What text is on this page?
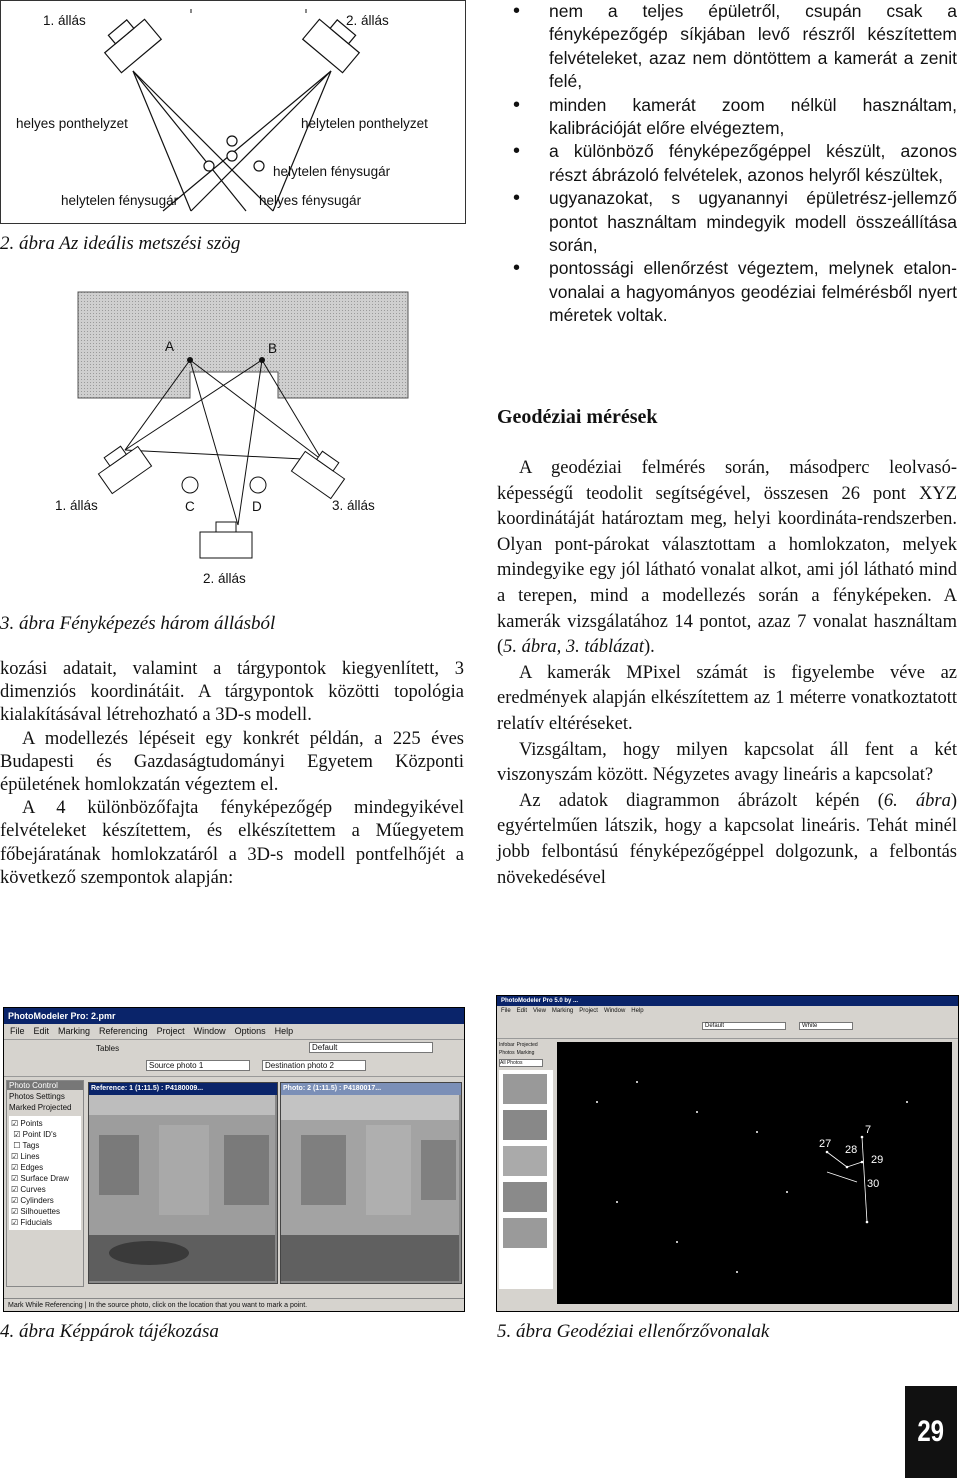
1. állás	2. állás
helyes ponthelyzet	helytelen ponthelyzet
helytelen fénysugár
helytelen fénysugár	helyes fénysugár
2. ábra Az ideális metszési szög
A	B
C	D
1. állás	3. állás
2. állás
3. ábra Fényképezés három állásból

kozási adatait, valamint a tárgypontok kiegyenlített, 3 dimenziós koordinátáit. A tárgypontok közötti topológia kialakításával létrehozható a 3D-s modell.

A modellezés lépéseit egy konkrét példán, a 225 éves Budapesti és Gazdaságtudományi Egyetem Központi épületének homlokzatán végeztem el.

A 4 különbözőfajta fényképezőgép mindegyikével felvételeket készítettem, és elkészítettem a Műegyetem főbejáratának homlokzatáról a 3D-s modell pontfelhőjét a következő szempontok alapján:

• nem a teljes épületről, csupán csak a fényképezőgép síkjában levő részről készítettem felvételeket, azaz nem döntöttem a kamerát a zenit felé,
• minden kamerát zoom nélkül használtam, kalibrációját előre elvégeztem,
• a különböző fényképezőgéppel készült, azonos részt ábrázoló felvételek, azonos helyről készültek,
• ugyanazokat, s ugyanannyi épületrész-jellemző pontot használtam mindegyik modell összeállítása során,
• pontossági ellenőrzést végeztem, melynek etalon-vonalai a hagyományos geodéziai felmérésből nyert méretek voltak.
Geodéziai mérések

A geodéziai felmérés során, másodperc leolvasó-képességű teodolit segítségével, összesen 26 pont XYZ koordinátáját határoztam meg, helyi koordináta-rendszerben. Olyan pont-párokat választottam a homlokzaton, melyek mindegyike egy jól látható vonalat alkot, ami jól látható mind a terepen, mind a modellezés során a fényképeken. A kamerák vizsgálatához 14 pontot, azaz 7 vonalat használtam (5. ábra, 3. táblázat).

A kamerák MPixel számát is figyelembe véve az eredmények alapján elkészítettem az 1 méterre vonatkoztatott relatív eltéréseket.

Vizsgáltam, hogy milyen kapcsolat áll fent a két viszonyszám között. Négyzetes avagy lineáris a kapcsolat?

Az adatok diagrammon ábrázolt képén (6. ábra) egyértelműen látszik, hogy a kapcsolat lineáris. Tehát minél jobb felbontású fényképezőgéppel dolgozunk, a felbontás növekedésével

PhotoModeler Pro: 2.pmr
File Edit Marking Referencing Project Window Options Help
Tables	Default
Source photo 1	Destination photo 2
Photo Control
Photos Settings
Marked Projected
☑ Points
☑ Point ID's
☐ Tags
☑ Lines
☑ Edges
☑ Surface Draw
☑ Curves
☑ Cylinders
☑ Silhouettes
☑ Fiducials
Reference: 1 (1:11.5) : P4180009...	Photo: 2 (1:11.5) : P4180017...
Mark While Referencing | In the source photo, click on the location that you want to mark a point.
4. ábra Képpárok tájékozása
PhotoModeler Pro 5.0 by ...
File Edit View Marking Project Window Help
Default	White
Infobar Projected
Photos Marking
All Photos
7
27 28
29
30
5. ábra Geodéziai ellenőrzővonalak
29
